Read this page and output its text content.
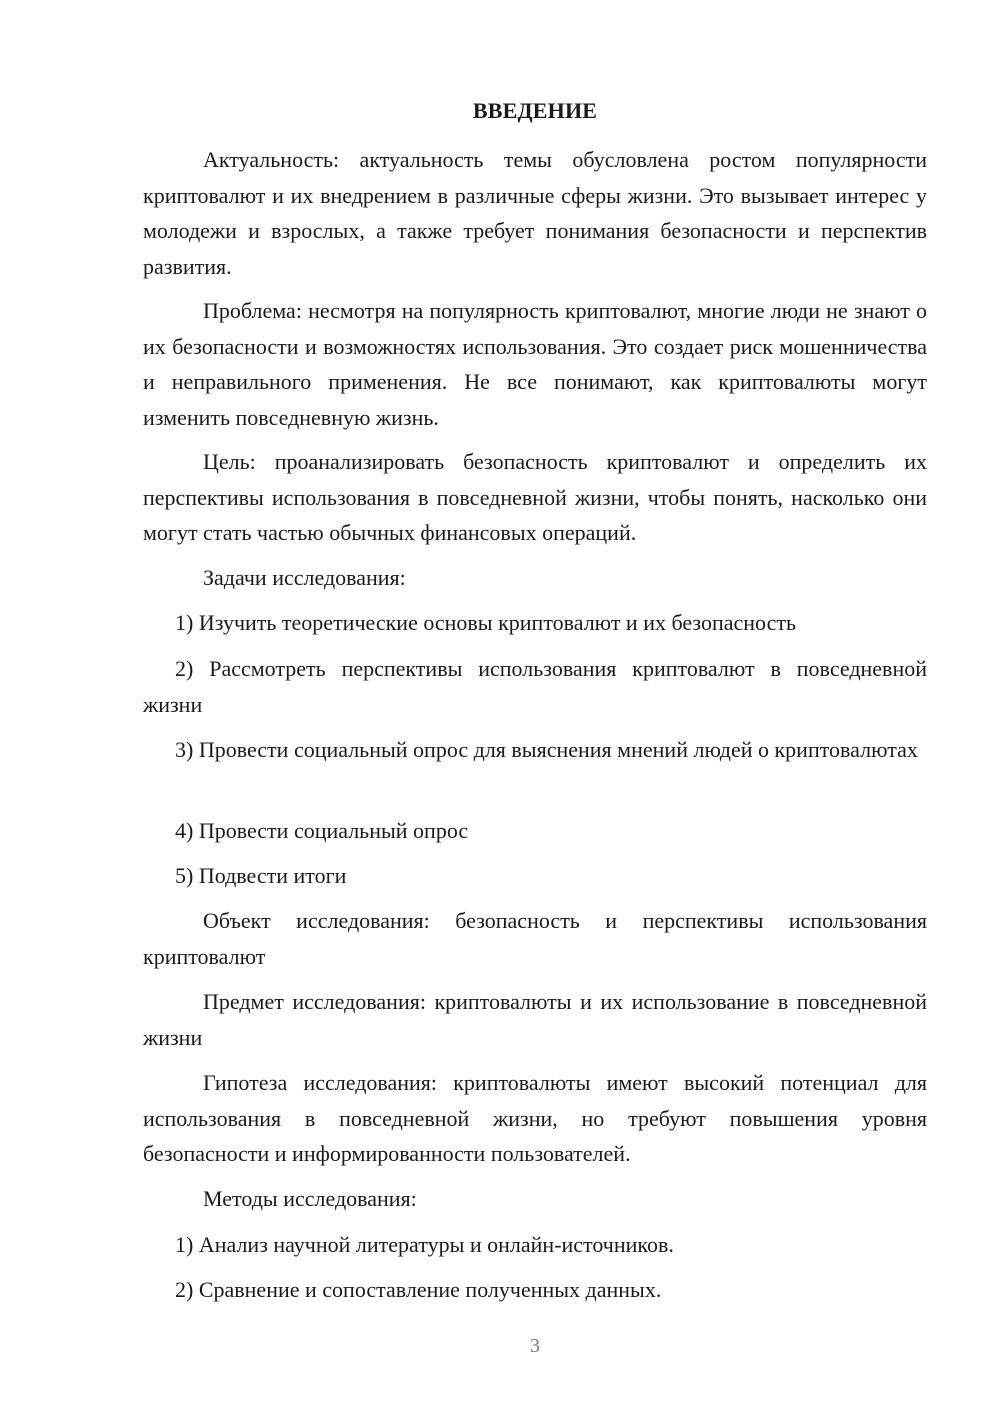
ВВЕДЕНИЕ
Актуальность: актуальность темы обусловлена ростом популярности криптовалют и их внедрением в различные сферы жизни. Это вызывает интерес у молодежи и взрослых, а также требует понимания безопасности и перспектив развития.
Проблема: несмотря на популярность криптовалют, многие люди не знают о их безопасности и возможностях использования. Это создает риск мошенничества и неправильного применения. Не все понимают, как криптовалюты могут изменить повседневную жизнь.
Цель: проанализировать безопасность криптовалют и определить их перспективы использования в повседневной жизни, чтобы понять, насколько они могут стать частью обычных финансовых операций.
Задачи исследования:
1) Изучить теоретические основы криптовалют и их безопасность
2) Рассмотреть перспективы использования криптовалют в повседневной жизни
3) Провести социальный опрос для выяснения мнений людей о криптовалютах
4) Провести социальный опрос
5) Подвести итоги
Объект исследования: безопасность и перспективы использования криптовалют
Предмет исследования: криптовалюты и их использование в повседневной жизни
Гипотеза исследования: криптовалюты имеют высокий потенциал для использования в повседневной жизни, но требуют повышения уровня безопасности и информированности пользователей.
Методы исследования:
1) Анализ научной литературы и онлайн-источников.
2) Сравнение и сопоставление полученных данных.
3
